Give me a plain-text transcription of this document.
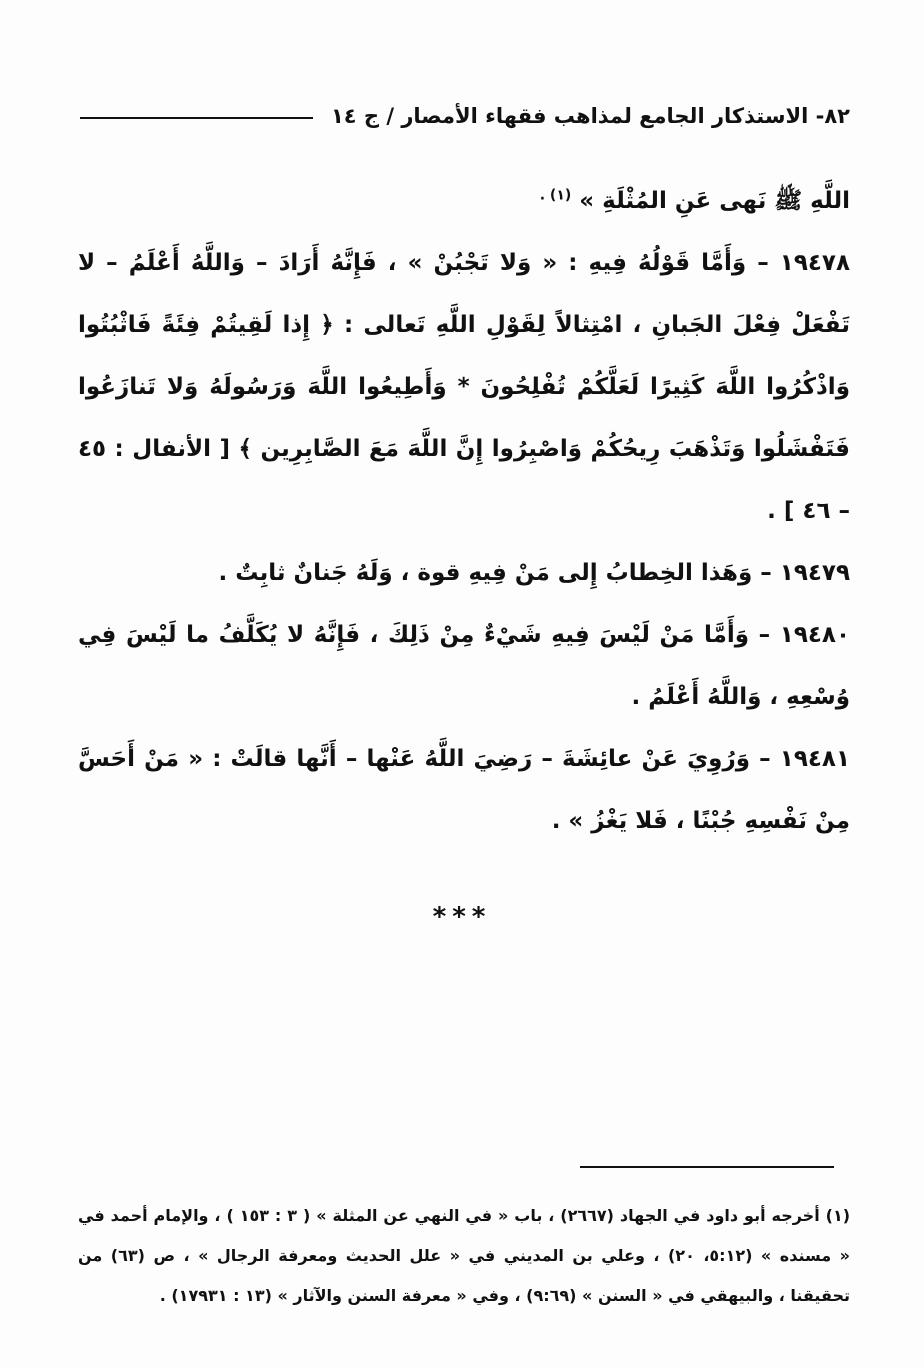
٨٢- الاستذكار الجامع لمذاهب فقهاء الأمصار / ج ١٤

اللَّهِ ﷺ نَهى عَنِ المُثْلَةِ » $^{(١) .}$

١٩٤٧٨ – وَأَمَّا قَوْلُهُ فِيهِ : « وَلا تَجْبُنْ » ، فَإِنَّهُ أَرَادَ – وَاللَّهُ أَعْلَمُ – لا تَفْعَلْ فِعْلَ الجَبانِ ، امْتِثالاً لِقَوْلِ اللَّهِ تَعالى : ﴿ إِذا لَقِيتُمْ فِئَةً فَاثْبُتُوا وَاذْكُرُوا اللَّهَ كَثِيرًا لَعَلَّكُمْ تُفْلِحُونَ * وَأَطِيعُوا اللَّهَ وَرَسُولَهُ وَلا تَنازَعُوا فَتَفْشَلُوا وَتَذْهَبَ رِيحُكُمْ وَاصْبِرُوا إِنَّ اللَّهَ مَعَ الصَّابِرِين ﴾ [ الأنفال : ٤٥ – ٤٦ ] .

١٩٤٧٩ – وَهَذا الخِطابُ إِلى مَنْ فِيهِ قوة ، وَلَهُ جَنانٌ ثابِتٌ .

١٩٤٨٠ – وَأَمَّا مَنْ لَيْسَ فِيهِ شَيْءٌ مِنْ ذَلِكَ ، فَإِنَّهُ لا يُكَلَّفُ ما لَيْسَ فِي وُسْعِهِ ، وَاللَّهُ أَعْلَمُ .

١٩٤٨١ – وَرُوِيَ عَنْ عائِشَةَ – رَضِيَ اللَّهُ عَنْها – أَنَّها قالَتْ : « مَنْ أَحَسَّ مِنْ نَفْسِهِ جُبْنًا ، فَلا يَغْزُ » .

***
(١) أخرجه أبو داود في الجهاد (٢٦٦٧) ، باب « في النهي عن المثلة » ( ٣ : ١٥٣ ) ، والإمام أحمد في « مسنده » (٥:١٢، ٢٠) ، وعلي بن المديني في « علل الحديث ومعرفة الرجال » ، ص (٦٣) من تحقيقنا ، والبيهقي في « السنن » (٩:٦٩) ، وفي « معرفة السنن والآثار » (١٣ : ١٧٩٣١) .
